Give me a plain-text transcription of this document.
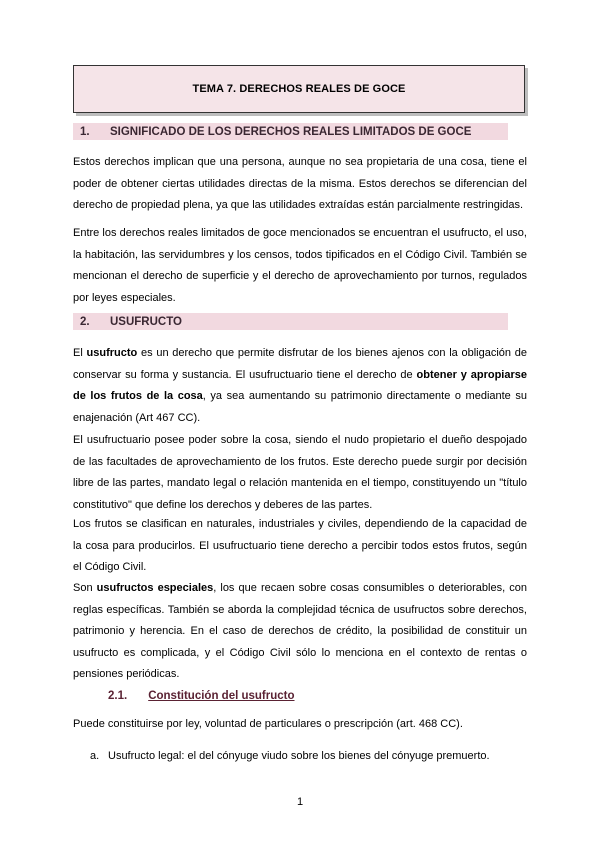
TEMA 7. DERECHOS REALES DE GOCE
1.	SIGNIFICADO DE LOS DERECHOS REALES LIMITADOS DE GOCE

Estos derechos implican que una persona, aunque no sea propietaria de una cosa, tiene el poder de obtener ciertas utilidades directas de la misma. Estos derechos se diferencian del derecho de propiedad plena, ya que las utilidades extraídas están parcialmente restringidas.

Entre los derechos reales limitados de goce mencionados se encuentran el usufructo, el uso, la habitación, las servidumbres y los censos, todos tipificados en el Código Civil. También se mencionan el derecho de superficie y el derecho de aprovechamiento por turnos, regulados por leyes especiales.

2.	USUFRUCTO

El usufructo es un derecho que permite disfrutar de los bienes ajenos con la obligación de conservar su forma y sustancia. El usufructuario tiene el derecho de obtener y apropiarse de los frutos de la cosa, ya sea aumentando su patrimonio directamente o mediante su enajenación (Art 467 CC).

El usufructuario posee poder sobre la cosa, siendo el nudo propietario el dueño despojado de las facultades de aprovechamiento de los frutos. Este derecho puede surgir por decisión libre de las partes, mandato legal o relación mantenida en el tiempo, constituyendo un "título constitutivo" que define los derechos y deberes de las partes.

Los frutos se clasifican en naturales, industriales y civiles, dependiendo de la capacidad de la cosa para producirlos. El usufructuario tiene derecho a percibir todos estos frutos, según el Código Civil.

Son usufructos especiales, los que recaen sobre cosas consumibles o deteriorables, con reglas específicas. También se aborda la complejidad técnica de usufructos sobre derechos, patrimonio y herencia. En el caso de derechos de crédito, la posibilidad de constituir un usufructo es complicada, y el Código Civil sólo lo menciona en el contexto de rentas o pensiones periódicas.

2.1. Constitución del usufructo

Puede constituirse por ley, voluntad de particulares o prescripción (art. 468 CC).

a. Usufructo legal: el del cónyuge viudo sobre los bienes del cónyuge premuerto.
1
